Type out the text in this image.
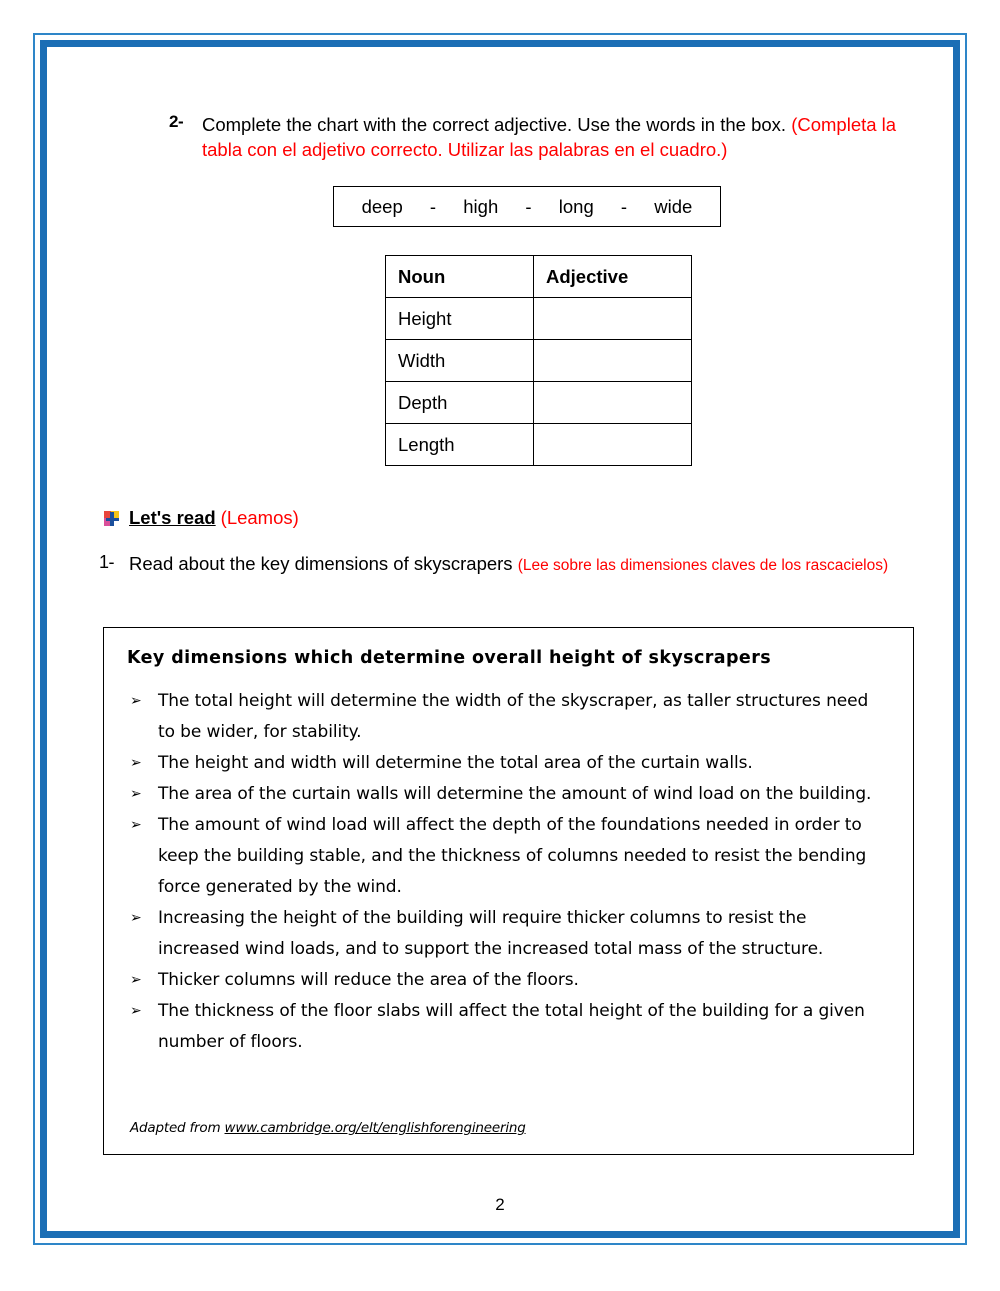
2- Complete the chart with the correct adjective. Use the words in the box. (Completa la tabla con el adjetivo correcto. Utilizar las palabras en el cuadro.)
deep - high - long - wide
Noun	Adjective
Height	
Width	
Depth	
Length	
Let's read (Leamos)
1- Read about the key dimensions of skyscrapers (Lee sobre las dimensiones claves de los rascacielos)
Key dimensions which determine overall height of skyscrapers
➢ The total height will determine the width of the skyscraper, as taller structures need to be wider, for stability.
➢ The height and width will determine the total area of the curtain walls.
➢ The area of the curtain walls will determine the amount of wind load on the building.
➢ The amount of wind load will affect the depth of the foundations needed in order to keep the building stable, and the thickness of columns needed to resist the bending force generated by the wind.
➢ Increasing the height of the building will require thicker columns to resist the increased wind loads, and to support the increased total mass of the structure.
➢ Thicker columns will reduce the area of the floors.
➢ The thickness of the floor slabs will affect the total height of the building for a given number of floors.
Adapted from www.cambridge.org/elt/englishforengineering
2
